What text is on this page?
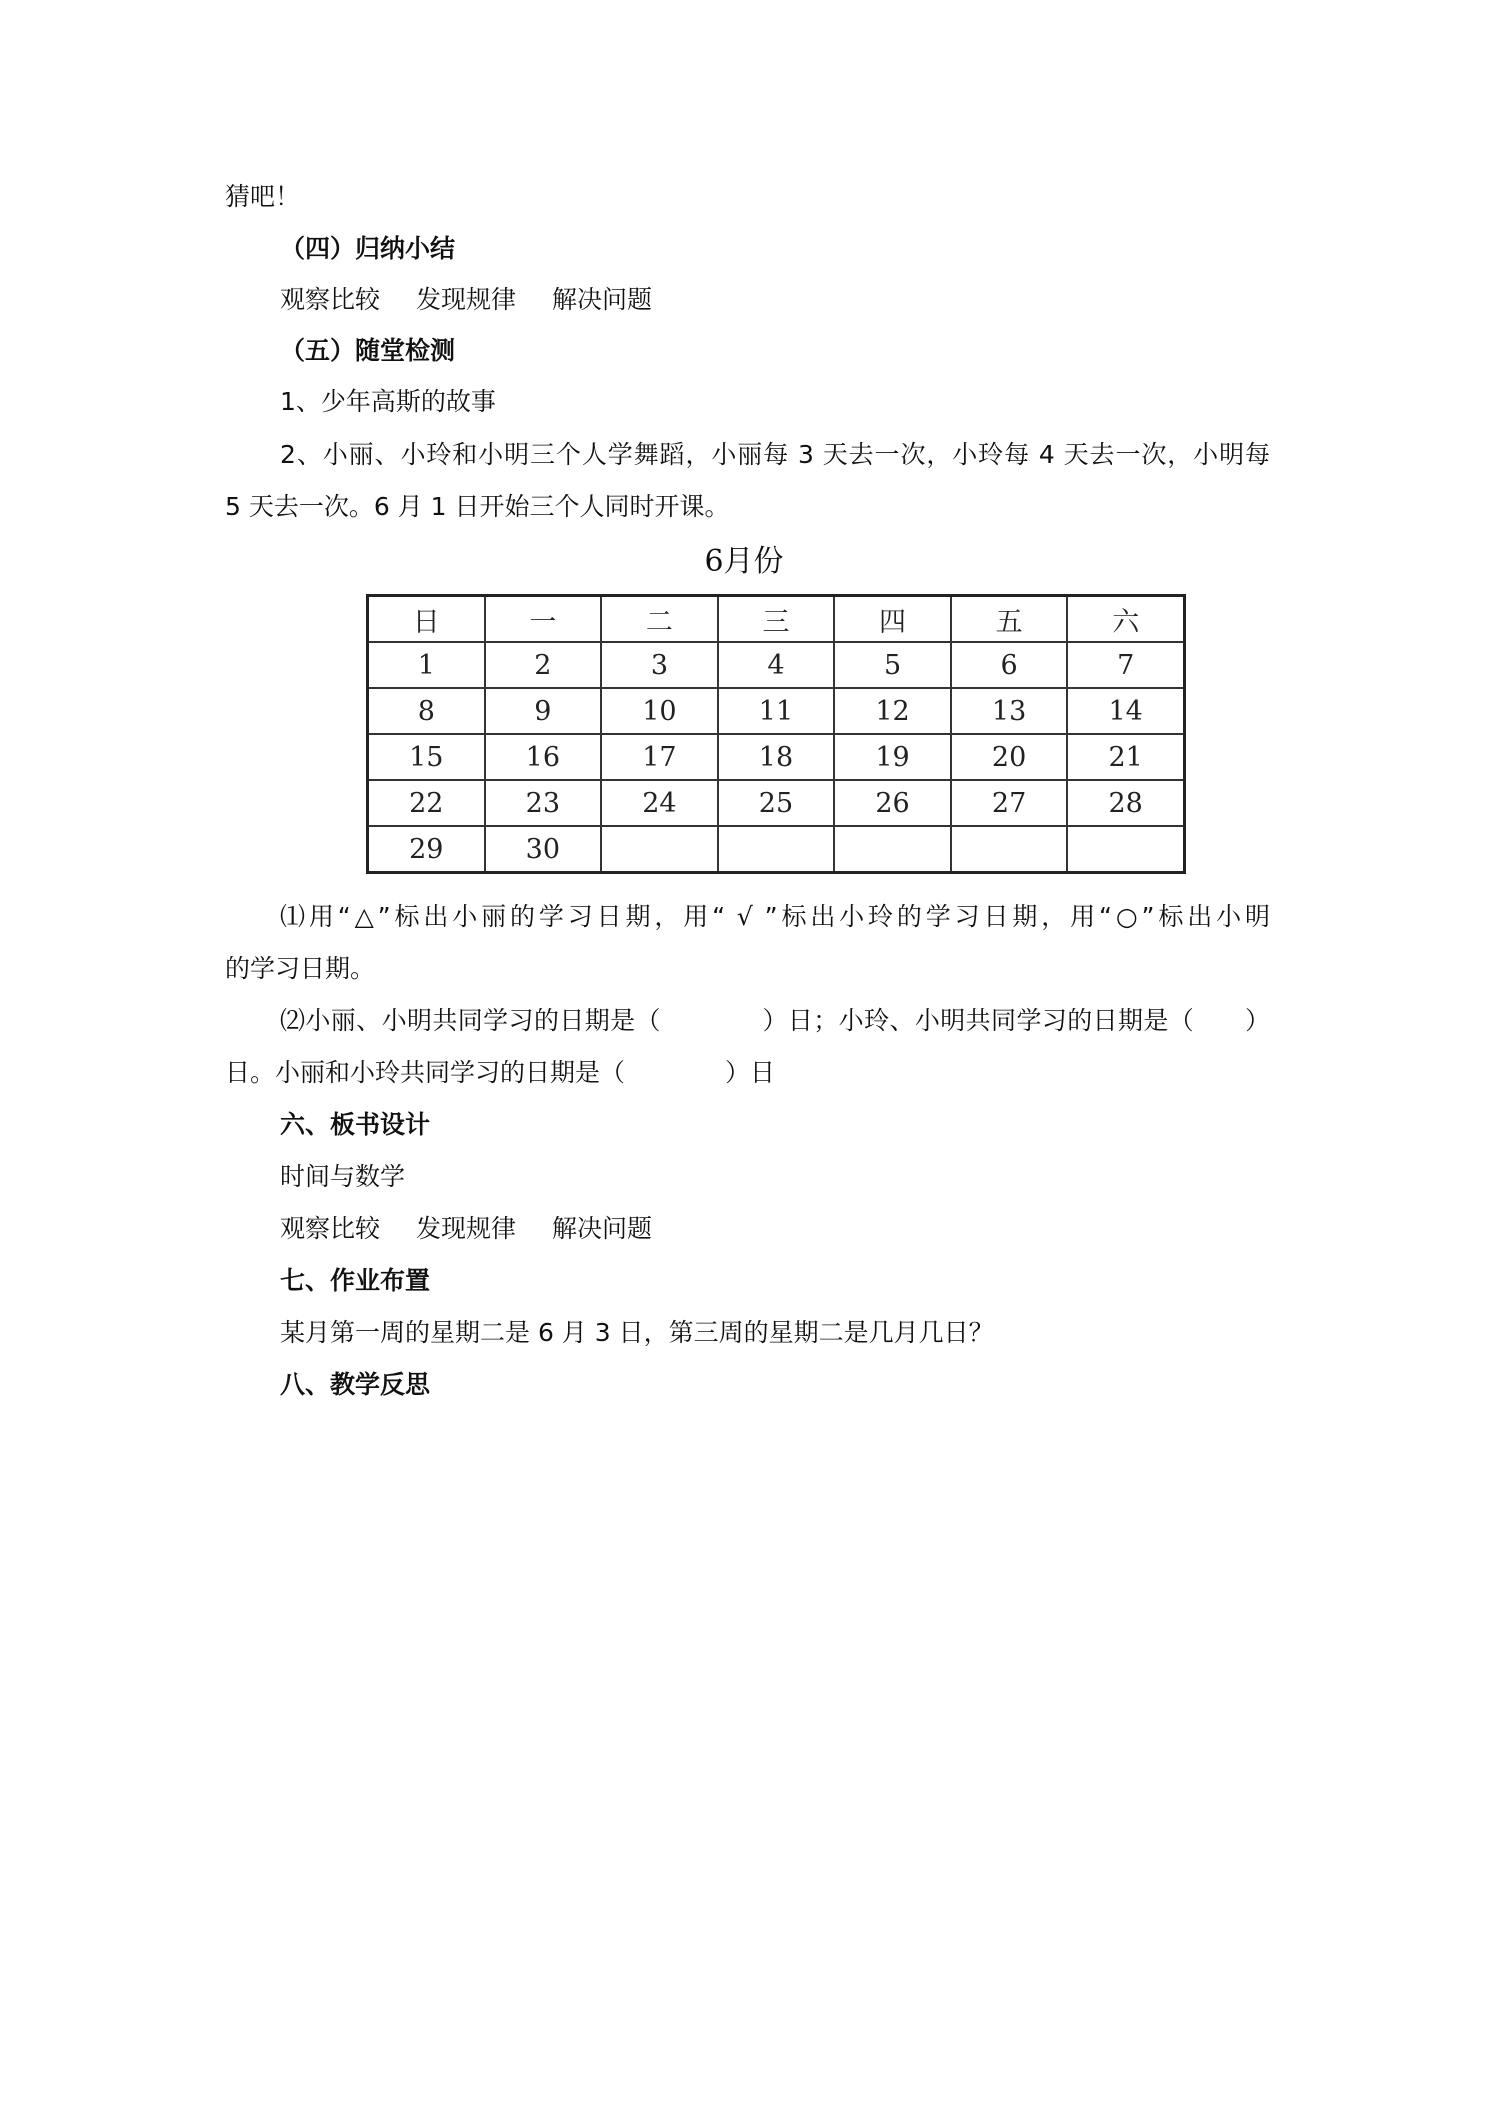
猜吧！
（四）归纳小结
观察比较 发现规律 解决问题
（五）随堂检测
1、少年高斯的故事
2、小丽、小玲和小明三个人学舞蹈，小丽每 3 天去一次，小玲每 4 天去一次，小明每
5 天去一次。6 月 1 日开始三个人同时开课。
6月份
日	一	二	三	四	五	六
1	2	3	4	5	6	7
8	9	10	11	12	13	14
15	16	17	18	19	20	21
22	23	24	25	26	27	28
29	30					
⑴用“△”标出小丽的学习日期，用“ √ ”标出小玲的学习日期，用“○”标出小明
的学习日期。
⑵小丽、小明共同学习的日期是（　　　　）日；小玲、小明共同学习的日期是（　　）
日。小丽和小玲共同学习的日期是（　　　　）日
六、板书设计
时间与数学
观察比较 发现规律 解决问题
七、作业布置
某月第一周的星期二是 6 月 3 日，第三周的星期二是几月几日？
八、教学反思
